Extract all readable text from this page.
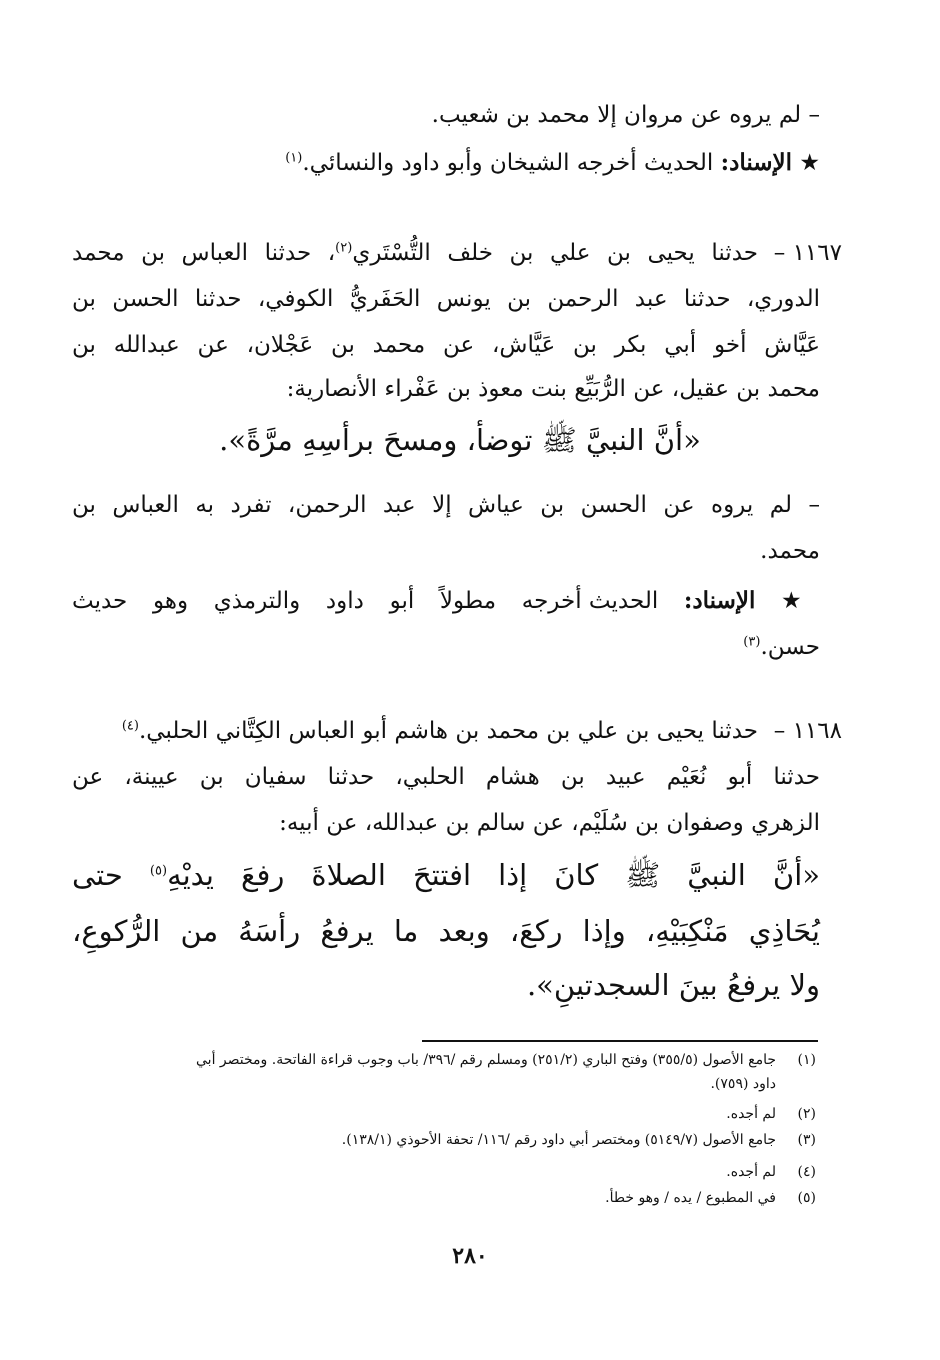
– لم يروه عن مروان إلا محمد بن شعيب.
★ الإسناد: الحديث أخرجه الشيخان وأبو داود والنسائي.$^{(١)}$
١١٦٧ –
حدثنا يحيى بن علي بن خلف التُّسْتَري$^{(٢)}$، حدثنا العباس بن محمد
الدوري، حدثنا عبد الرحمن بن يونس الحَفَريُّ الكوفي، حدثنا الحسن بن
عَيَّاش أخو أبي بكر بن عَيَّاش، عن محمد بن عَجْلان، عن عبدالله بن
محمد بن عقيل، عن الرُّبَيِّع بنت معوذ بن عَفْراء الأنصارية:
«أنَّ النبيَّ ﷺ توضأ، ومسحَ برأسِهِ مرَّةً».
– لم يروه عن الحسن بن عياش إلا عبد الرحمن، تفرد به العباس بن
محمد.
★ الإسناد: الحديث أخرجه مطولاً أبو داود والترمذي وهو حديث
حسن.$^{(٣)}$
١١٦٨ –
حدثنا يحيى بن علي بن محمد بن هاشم أبو العباس الكِتَّاني الحلبي.$^{(٤)}$
حدثنا أبو نُعَيْم عبيد بن هشام الحلبي، حدثنا سفيان بن عيينة، عن
الزهري وصفوان بن سُلَيْم، عن سالم بن عبدالله، عن أبيه:
«أنَّ النبيَّ ﷺ كانَ إذا افتتحَ الصلاةَ رفعَ يديْهِ$^{(٥)}$ حتى
يُحَاذِي مَنْكِبَيْهِ، وإذا ركعَ، وبعد ما يرفعُ رأسَهُ من الرُّكوعِ،
ولا يرفعُ بينَ السجدتينِ».
(١)جامع الأصول (٣٥٥/٥) وفتح الباري (٢٥١/٢) ومسلم رقم /٣٩٦/ باب وجوب قراءة الفاتحة. ومختصر أبي
داود (٧٥٩).
(٢)لم أجده.
(٣)جامع الأصول (٥١٤٩/٧) ومختصر أبي داود رقم /١١٦/ تحفة الأحوذي (١٣٨/١).
(٤)لم أجده.
(٥)في المطبوع / يده / وهو خطأ.
٢٨٠
